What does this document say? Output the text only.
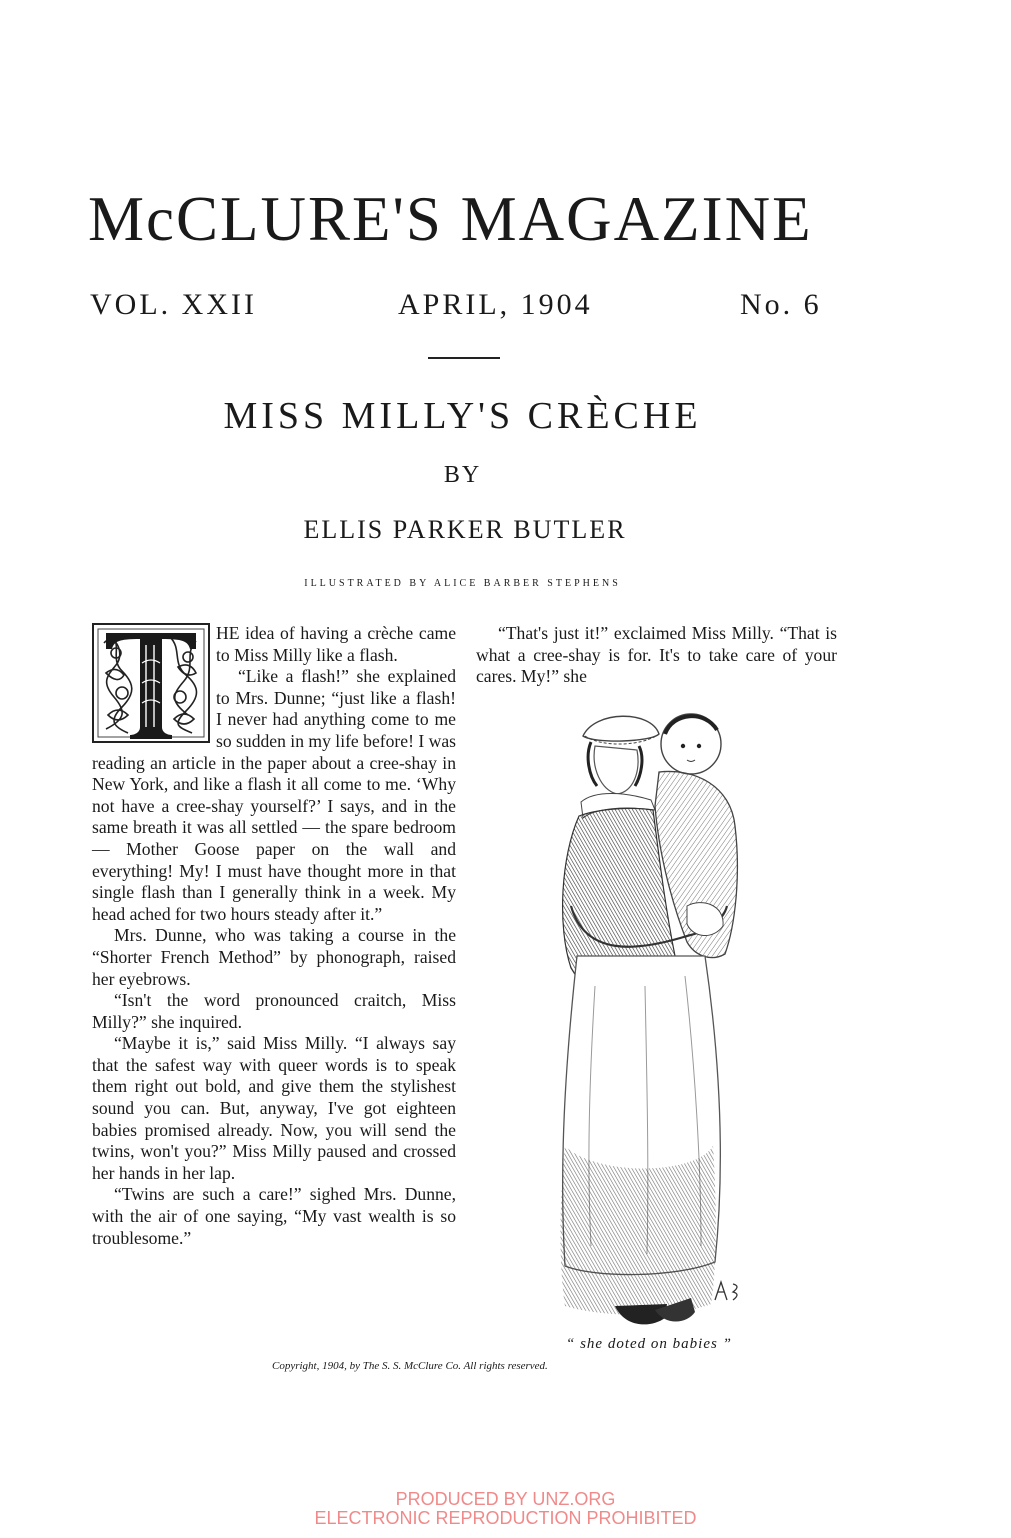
McCLURE'S MAGAZINE
VOL. XXII	APRIL, 1904	No. 6
MISS MILLY'S CRÈCHE
BY
ELLIS PARKER BUTLER
ILLUSTRATED BY ALICE BARBER STEPHENS

HE idea of having a crèche came to Miss Milly like a flash.

“Like a flash!” she explained to Mrs. Dunne; “just like a flash! I never had anything come to me so sudden in my life before! I was reading an article in the paper about a cree-shay in New York, and like a flash it all come to me. ‘Why not have a cree-shay yourself?’ I says, and in the same breath it was all settled — the spare bedroom — Mother Goose paper on the wall and everything! My! I must have thought more in that single flash than I generally think in a week. My head ached for two hours steady after it.”

Mrs. Dunne, who was taking a course in the “Shorter French Method” by phonograph, raised her eyebrows.

“Isn't the word pronounced craitch, Miss Milly?” she inquired.

“Maybe it is,” said Miss Milly. “I always say that the safest way with queer words is to speak them right out bold, and give them the stylishest sound you can. But, anyway, I've got eighteen babies promised already. Now, you will send the twins, won't you?” Miss Milly paused and crossed her hands in her lap.

“Twins are such a care!” sighed Mrs. Dunne, with the air of one saying, “My vast wealth is so troublesome.”

“That's just it!” exclaimed Miss Milly. “That is what a cree-shay is for. It's to take care of your cares. My!” she

“ she doted on babies ”
Copyright, 1904, by The S. S. McClure Co. All rights reserved.
PRODUCED BY UNZ.ORG
ELECTRONIC REPRODUCTION PROHIBITED
